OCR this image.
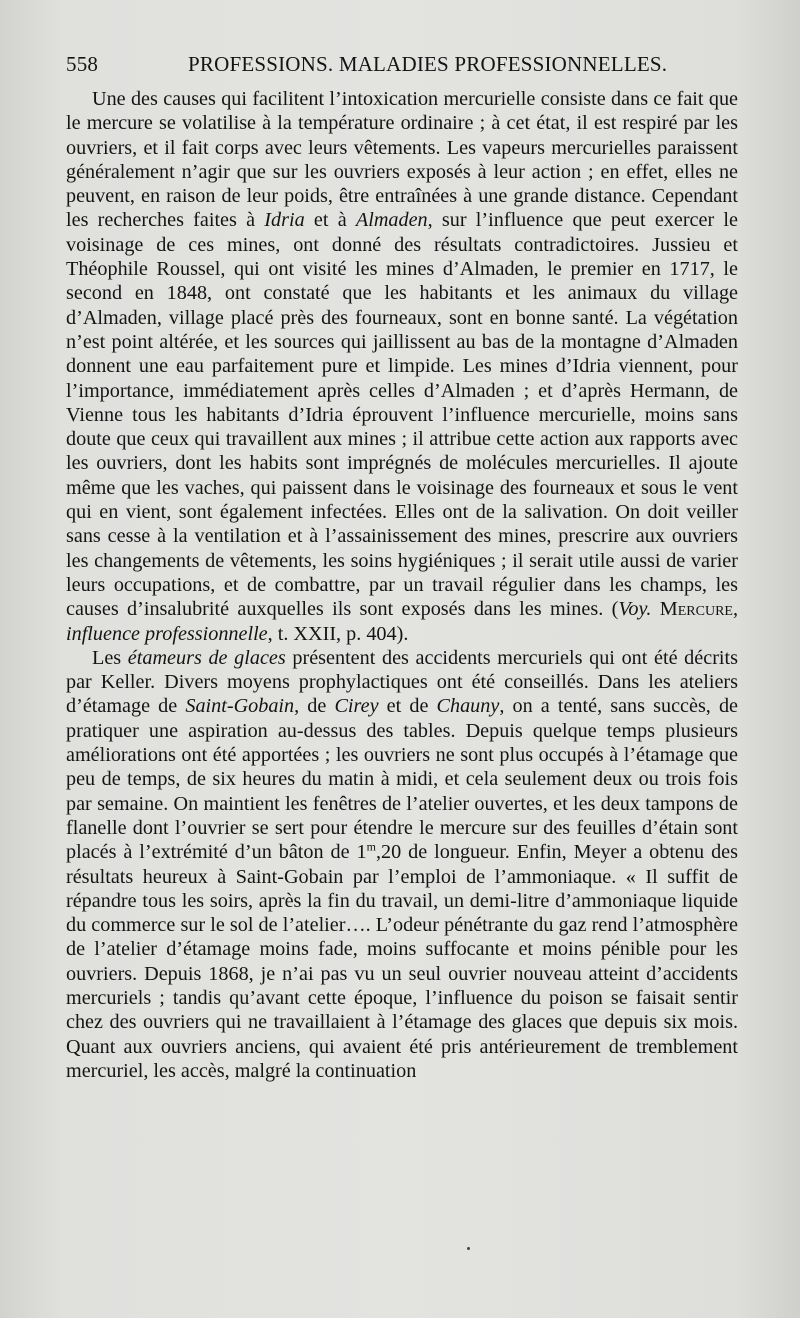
558	PROFESSIONS. MALADIES PROFESSIONNELLES.

Une des causes qui facilitent l’intoxication mercurielle consiste dans ce fait que le mercure se volatilise à la température ordinaire ; à cet état, il est respiré par les ouvriers, et il fait corps avec leurs vêtements. Les vapeurs mercurielles paraissent généralement n’agir que sur les ouvriers exposés à leur action ; en effet, elles ne peuvent, en raison de leur poids, être entraînées à une grande distance. Cependant les recherches faites à Idria et à Almaden, sur l’influence que peut exercer le voisinage de ces mines, ont donné des résultats contradictoires. Jussieu et Théophile Roussel, qui ont visité les mines d’Almaden, le premier en 1717, le second en 1848, ont constaté que les habitants et les animaux du village d’Almaden, village placé près des fourneaux, sont en bonne santé. La végétation n’est point altérée, et les sources qui jaillissent au bas de la montagne d’Almaden donnent une eau parfaitement pure et limpide. Les mines d’Idria viennent, pour l’importance, immédiatement après celles d’Almaden ; et d’après Hermann, de Vienne tous les habitants d’Idria éprouvent l’influence mercurielle, moins sans doute que ceux qui travaillent aux mines ; il attribue cette action aux rapports avec les ouvriers, dont les habits sont imprégnés de molécules mercurielles. Il ajoute même que les vaches, qui paissent dans le voisinage des fourneaux et sous le vent qui en vient, sont également infectées. Elles ont de la salivation. On doit veiller sans cesse à la ventilation et à l’assainissement des mines, prescrire aux ouvriers les changements de vêtements, les soins hygiéniques ; il serait utile aussi de varier leurs occupations, et de combattre, par un travail régulier dans les champs, les causes d’insalubrité auxquelles ils sont exposés dans les mines. (Voy. Mercure, influence professionnelle, t. XXII, p. 404).

Les étameurs de glaces présentent des accidents mercuriels qui ont été décrits par Keller. Divers moyens prophylactiques ont été conseillés. Dans les ateliers d’étamage de Saint-Gobain, de Cirey et de Chauny, on a tenté, sans succès, de pratiquer une aspiration au-dessus des tables. Depuis quelque temps plusieurs améliorations ont été apportées ; les ouvriers ne sont plus occupés à l’étamage que peu de temps, de six heures du matin à midi, et cela seulement deux ou trois fois par semaine. On maintient les fenêtres de l’atelier ouvertes, et les deux tampons de flanelle dont l’ouvrier se sert pour étendre le mercure sur des feuilles d’étain sont placés à l’extrémité d’un bâton de 1$^m$,20 de longueur. Enfin, Meyer a obtenu des résultats heureux à Saint-Gobain par l’emploi de l’ammoniaque. « Il suffit de répandre tous les soirs, après la fin du travail, un demi-litre d’ammoniaque liquide du commerce sur le sol de l’atelier…. L’odeur pénétrante du gaz rend l’atmosphère de l’atelier d’étamage moins fade, moins suffocante et moins pénible pour les ouvriers. Depuis 1868, je n’ai pas vu un seul ouvrier nouveau atteint d’accidents mercuriels ; tandis qu’avant cette époque, l’influence du poison se faisait sentir chez des ouvriers qui ne travaillaient à l’étamage des glaces que depuis six mois. Quant aux ouvriers anciens, qui avaient été pris antérieurement de tremblement mercuriel, les accès, malgré la continuation
